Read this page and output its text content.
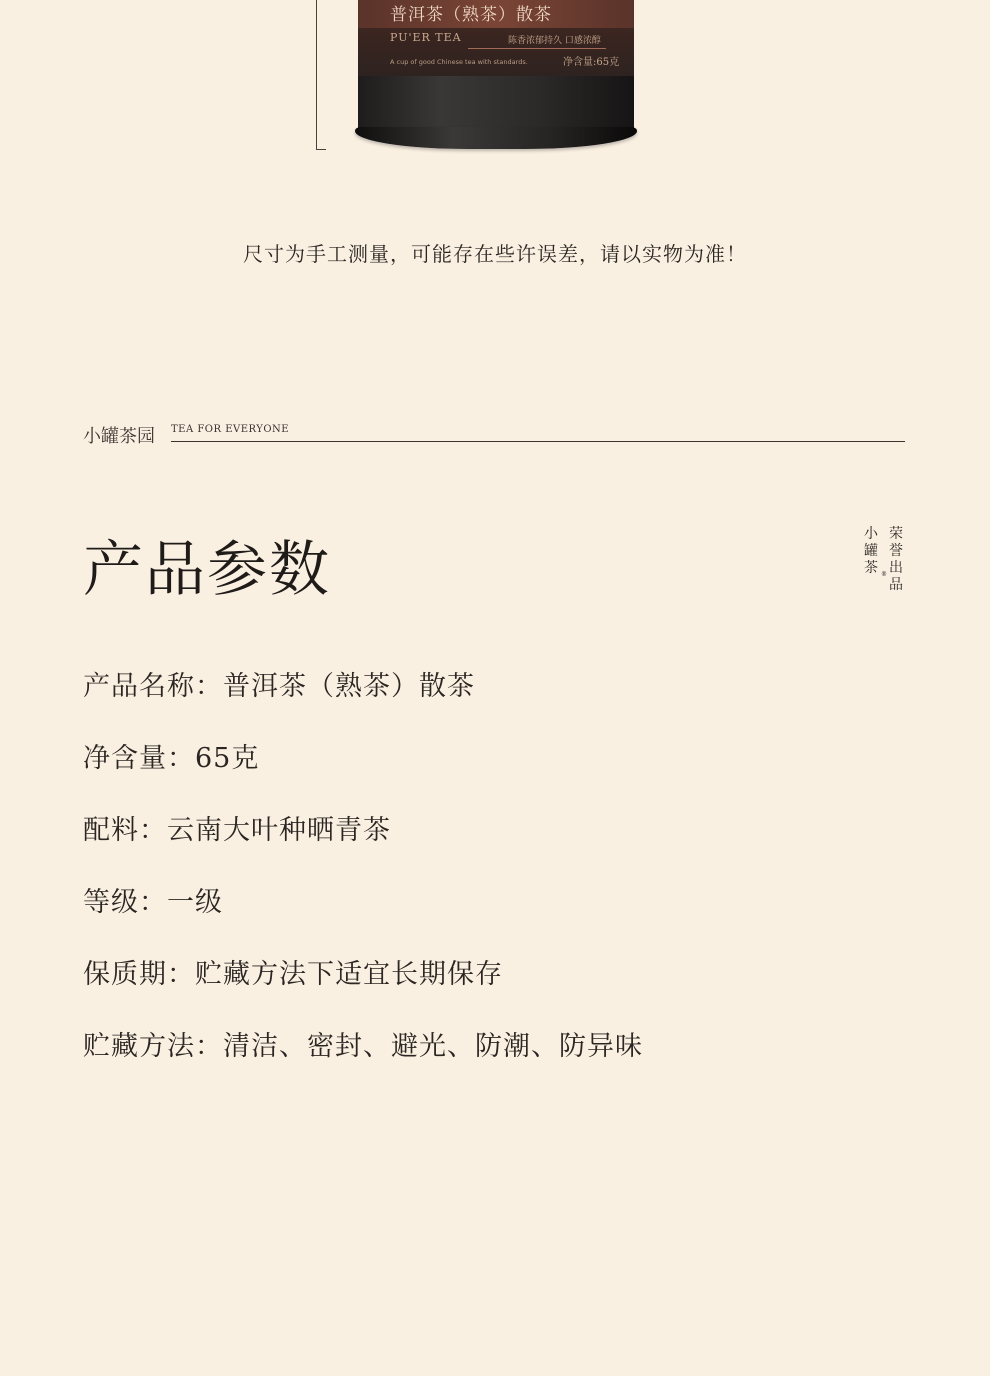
普洱茶（熟茶）散茶
PU'ER TEA	陈香浓郁持久 口感浓醇
A cup of good Chinese tea with standards.	净含量:65克
尺寸为手工测量，可能存在些许误差，请以实物为准！
小罐茶园 TEA FOR EVERYONE
产品参数
小
罐
茶 ®
荣
誉
出
品
产品名称：普洱茶（熟茶）散茶
净含量：65克
配料：云南大叶种晒青茶
等级：一级
保质期：贮藏方法下适宜长期保存
贮藏方法：清洁、密封、避光、防潮、防异味
